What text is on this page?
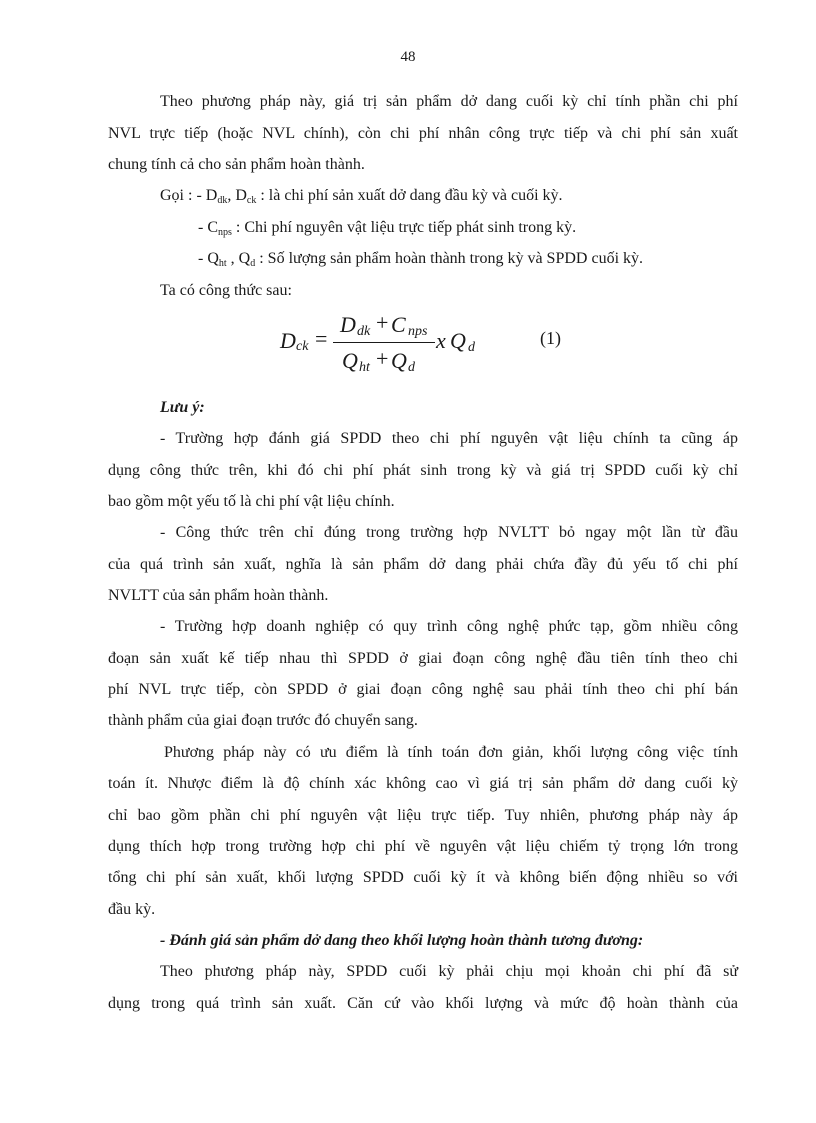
48
Theo phương pháp này, giá trị sản phẩm dở dang cuối kỳ chỉ tính phần chi phí
NVL trực tiếp (hoặc NVL chính), còn chi phí nhân công trực tiếp và chi phí sản xuất
chung tính cả cho sản phẩm hoàn thành.
Gọi : - $D_{dk}$, $D_{ck}$ : là chi phí sản xuất dở dang đầu kỳ và cuối kỳ.
- $C_{nps}$ : Chi phí nguyên vật liệu trực tiếp phát sinh trong kỳ.
- $Q_{ht}$ , $Q_d$ : Số lượng sản phẩm hoàn thành trong kỳ và SPDD cuối kỳ.
Ta có công thức sau:
D ck =
D dk + C nps
Q ht + Q d
x Q d	(1)
Lưu ý:
- Trường hợp đánh giá SPDD theo chi phí nguyên vật liệu chính ta cũng áp
dụng công thức trên, khi đó chi phí phát sinh trong kỳ và giá trị SPDD cuối kỳ chỉ
bao gồm một yếu tố là chi phí vật liệu chính.
- Công thức trên chỉ đúng trong trường hợp NVLTT bỏ ngay một lần từ đầu
của quá trình sản xuất, nghĩa là sản phẩm dở dang phải chứa đầy đủ yếu tố chi phí
NVLTT của sản phẩm hoàn thành.
- Trường hợp doanh nghiệp có quy trình công nghệ phức tạp, gồm nhiều công
đoạn sản xuất kế tiếp nhau thì SPDD ở giai đoạn công nghệ đầu tiên tính theo chi
phí NVL trực tiếp, còn SPDD ở giai đoạn công nghệ sau phải tính theo chi phí bán
thành phẩm của giai đoạn trước đó chuyển sang.
Phương pháp này có ưu điểm là tính toán đơn giản, khối lượng công việc tính
toán ít. Nhược điểm là độ chính xác không cao vì giá trị sản phẩm dở dang cuối kỳ
chỉ bao gồm phần chi phí nguyên vật liệu trực tiếp. Tuy nhiên, phương pháp này áp
dụng thích hợp trong trường hợp chi phí về nguyên vật liệu chiếm tỷ trọng lớn trong
tổng chi phí sản xuất, khối lượng SPDD cuối kỳ ít và không biến động nhiều so với
đầu kỳ.
- Đánh giá sản phẩm dở dang theo khối lượng hoàn thành tương đương:
Theo phương pháp này, SPDD cuối kỳ phải chịu mọi khoản chi phí đã sử
dụng trong quá trình sản xuất. Căn cứ vào khối lượng và mức độ hoàn thành của
